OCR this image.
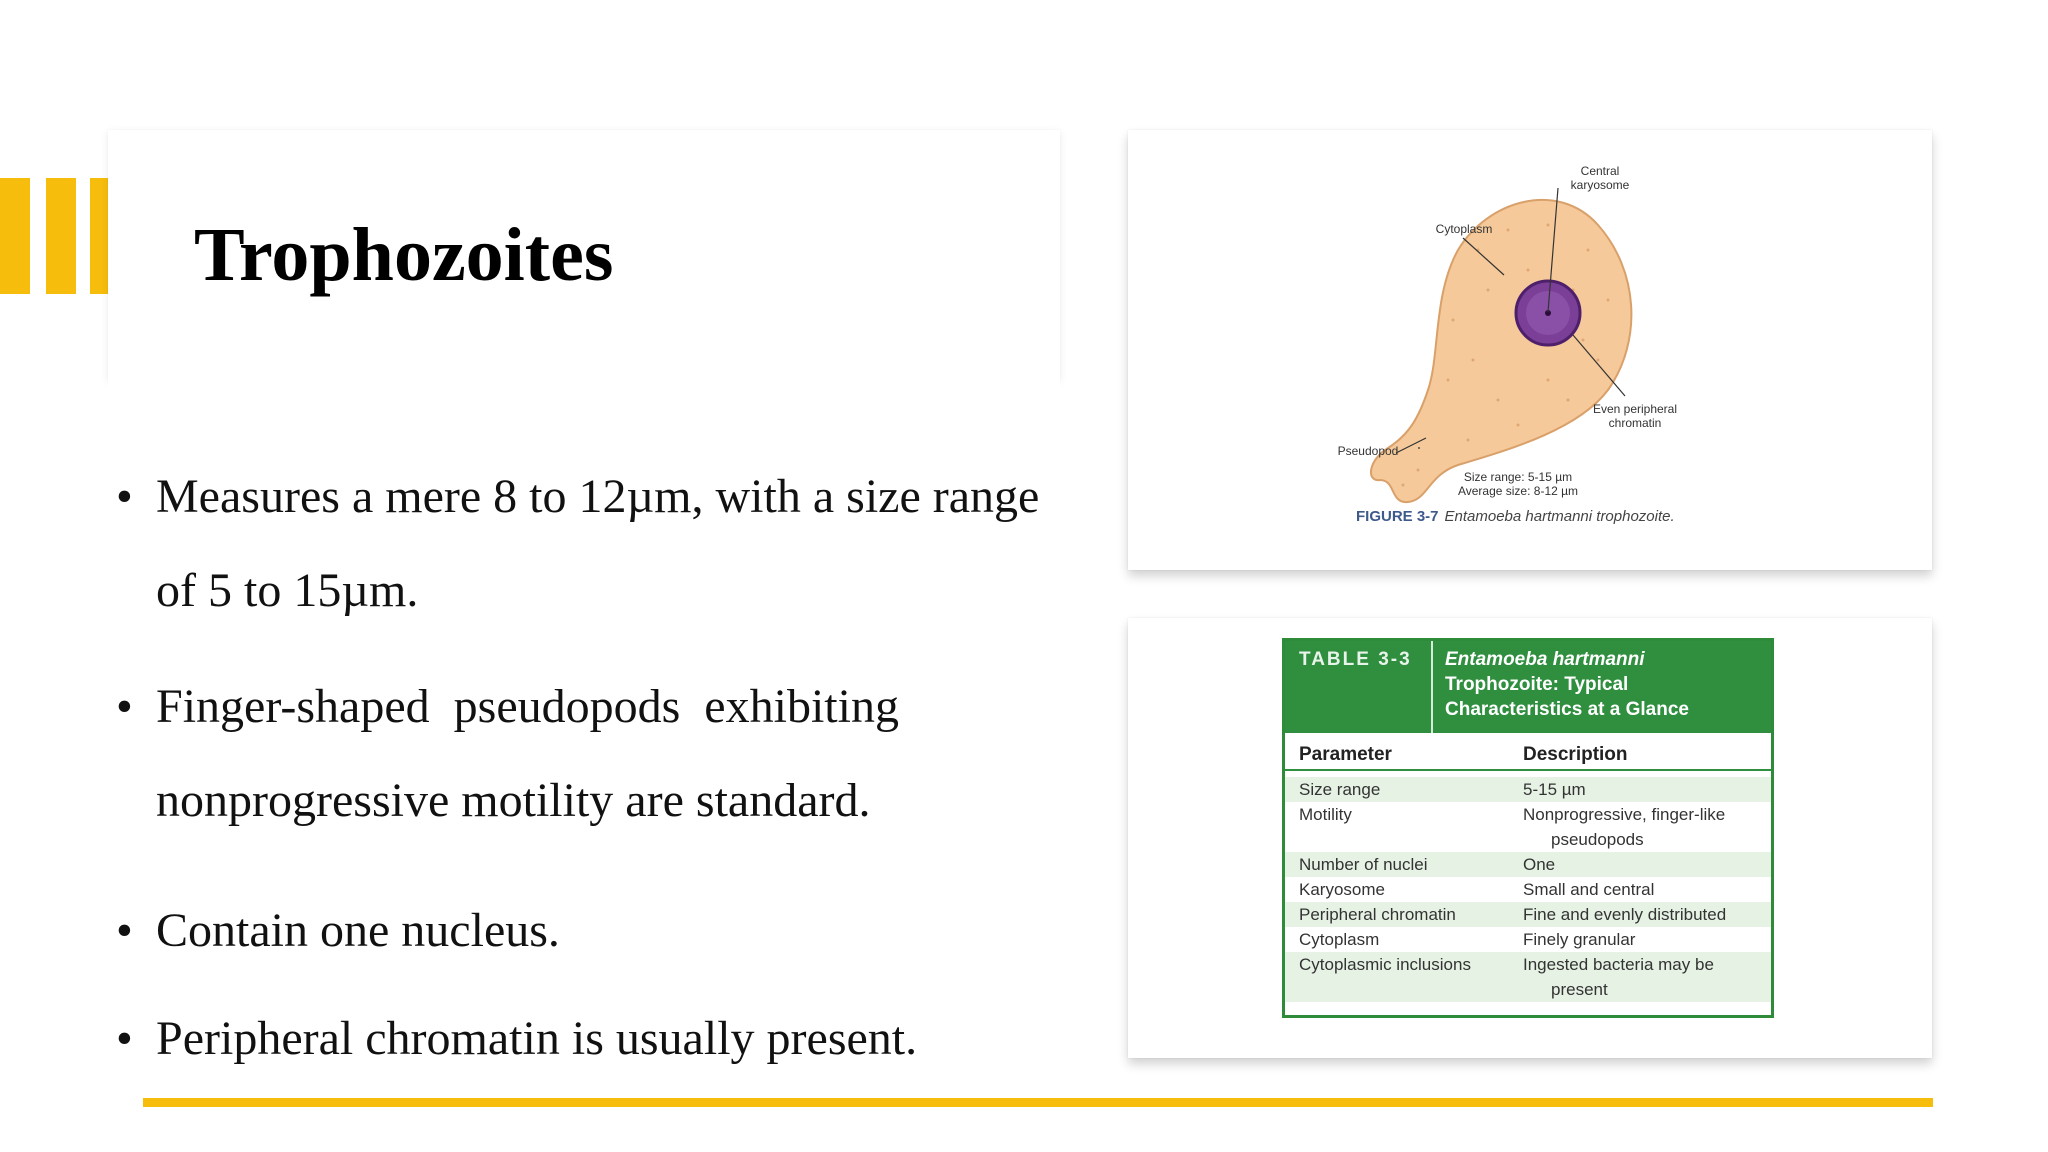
Trophozoites
• Measures a mere 8 to 12µm, with a size range
of 5 to 15µm.
• Finger-shaped  pseudopods  exhibiting
nonprogressive motility are standard.
• Contain one nucleus.
• Peripheral chromatin is usually present.
Central
karyosome
Cytoplasm
Even peripheral
chromatin
Pseudopod
Size range: 5-15 µm
Average size: 8-12 µm
FIGURE 3-7 Entamoeba hartmanni trophozoite.
TABLE 3-3	Entamoeba hartmanni
Trophozoite: Typical
Characteristics at a Glance
Parameter	Description
Size range	5-15 µm
Motility	Nonprogressive, finger-like
pseudopods
Number of nuclei	One
Karyosome	Small and central
Peripheral chromatin	Fine and evenly distributed
Cytoplasm	Finely granular
Cytoplasmic inclusions	Ingested bacteria may be
present
